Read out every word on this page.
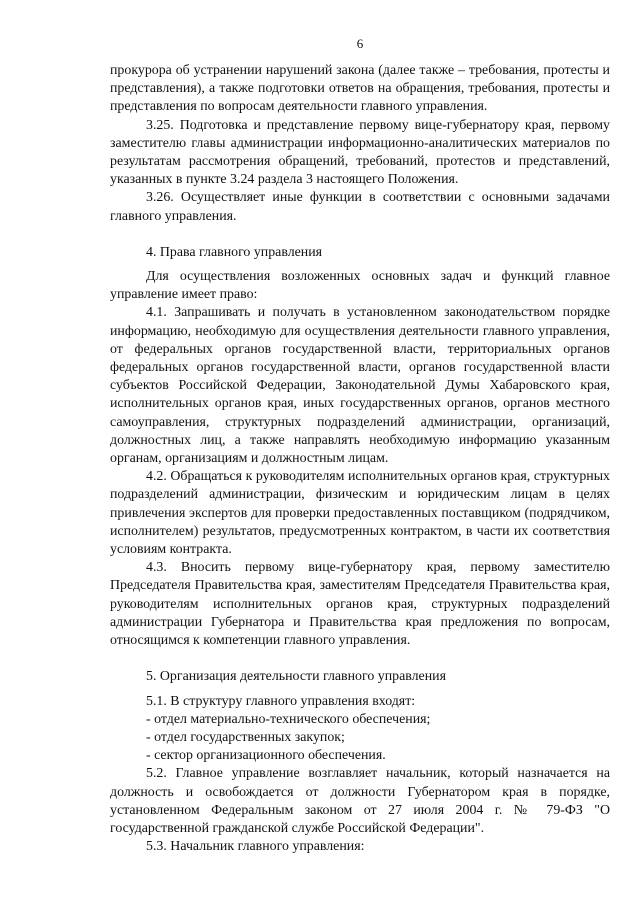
6

прокурора об устранении нарушений закона (далее также – требования, протесты и представления), а также подготовки ответов на обращения, требования, протесты и представления по вопросам деятельности главного управления.

3.25. Подготовка и представление первому вице-губернатору края, первому заместителю главы администрации информационно-аналитических материалов по результатам рассмотрения обращений, требований, протестов и представлений, указанных в пункте 3.24 раздела 3 настоящего Положения.

3.26. Осуществляет иные функции в соответствии с основными задачами главного управления.

4. Права главного управления

Для осуществления возложенных основных задач и функций главное управление имеет право:

4.1. Запрашивать и получать в установленном законодательством порядке информацию, необходимую для осуществления деятельности главного управления, от федеральных органов государственной власти, территориальных органов федеральных органов государственной власти, органов государственной власти субъектов Российской Федерации, Законодательной Думы Хабаровского края, исполнительных органов края, иных государственных органов, органов местного самоуправления, структурных подразделений администрации, организаций, должностных лиц, а также направлять необходимую информацию указанным органам, организациям и должностным лицам.

4.2. Обращаться к руководителям исполнительных органов края, структурных подразделений администрации, физическим и юридическим лицам в целях привлечения экспертов для проверки предоставленных поставщиком (подрядчиком, исполнителем) результатов, предусмотренных контрактом, в части их соответствия условиям контракта.

4.3. Вносить первому вице-губернатору края, первому заместителю Председателя Правительства края, заместителям Председателя Правительства края, руководителям исполнительных органов края, структурных подразделений администрации Губернатора и Правительства края предложения по вопросам, относящимся к компетенции главного управления.

5. Организация деятельности главного управления

5.1. В структуру главного управления входят:

- отдел материально-технического обеспечения;

- отдел государственных закупок;

- сектор организационного обеспечения.

5.2. Главное управление возглавляет начальник, который назначается на должность и освобождается от должности Губернатором края в порядке, установленном Федеральным законом от 27 июля 2004 г. № 79-ФЗ "О государственной гражданской службе Российской Федерации".

5.3. Начальник главного управления:
